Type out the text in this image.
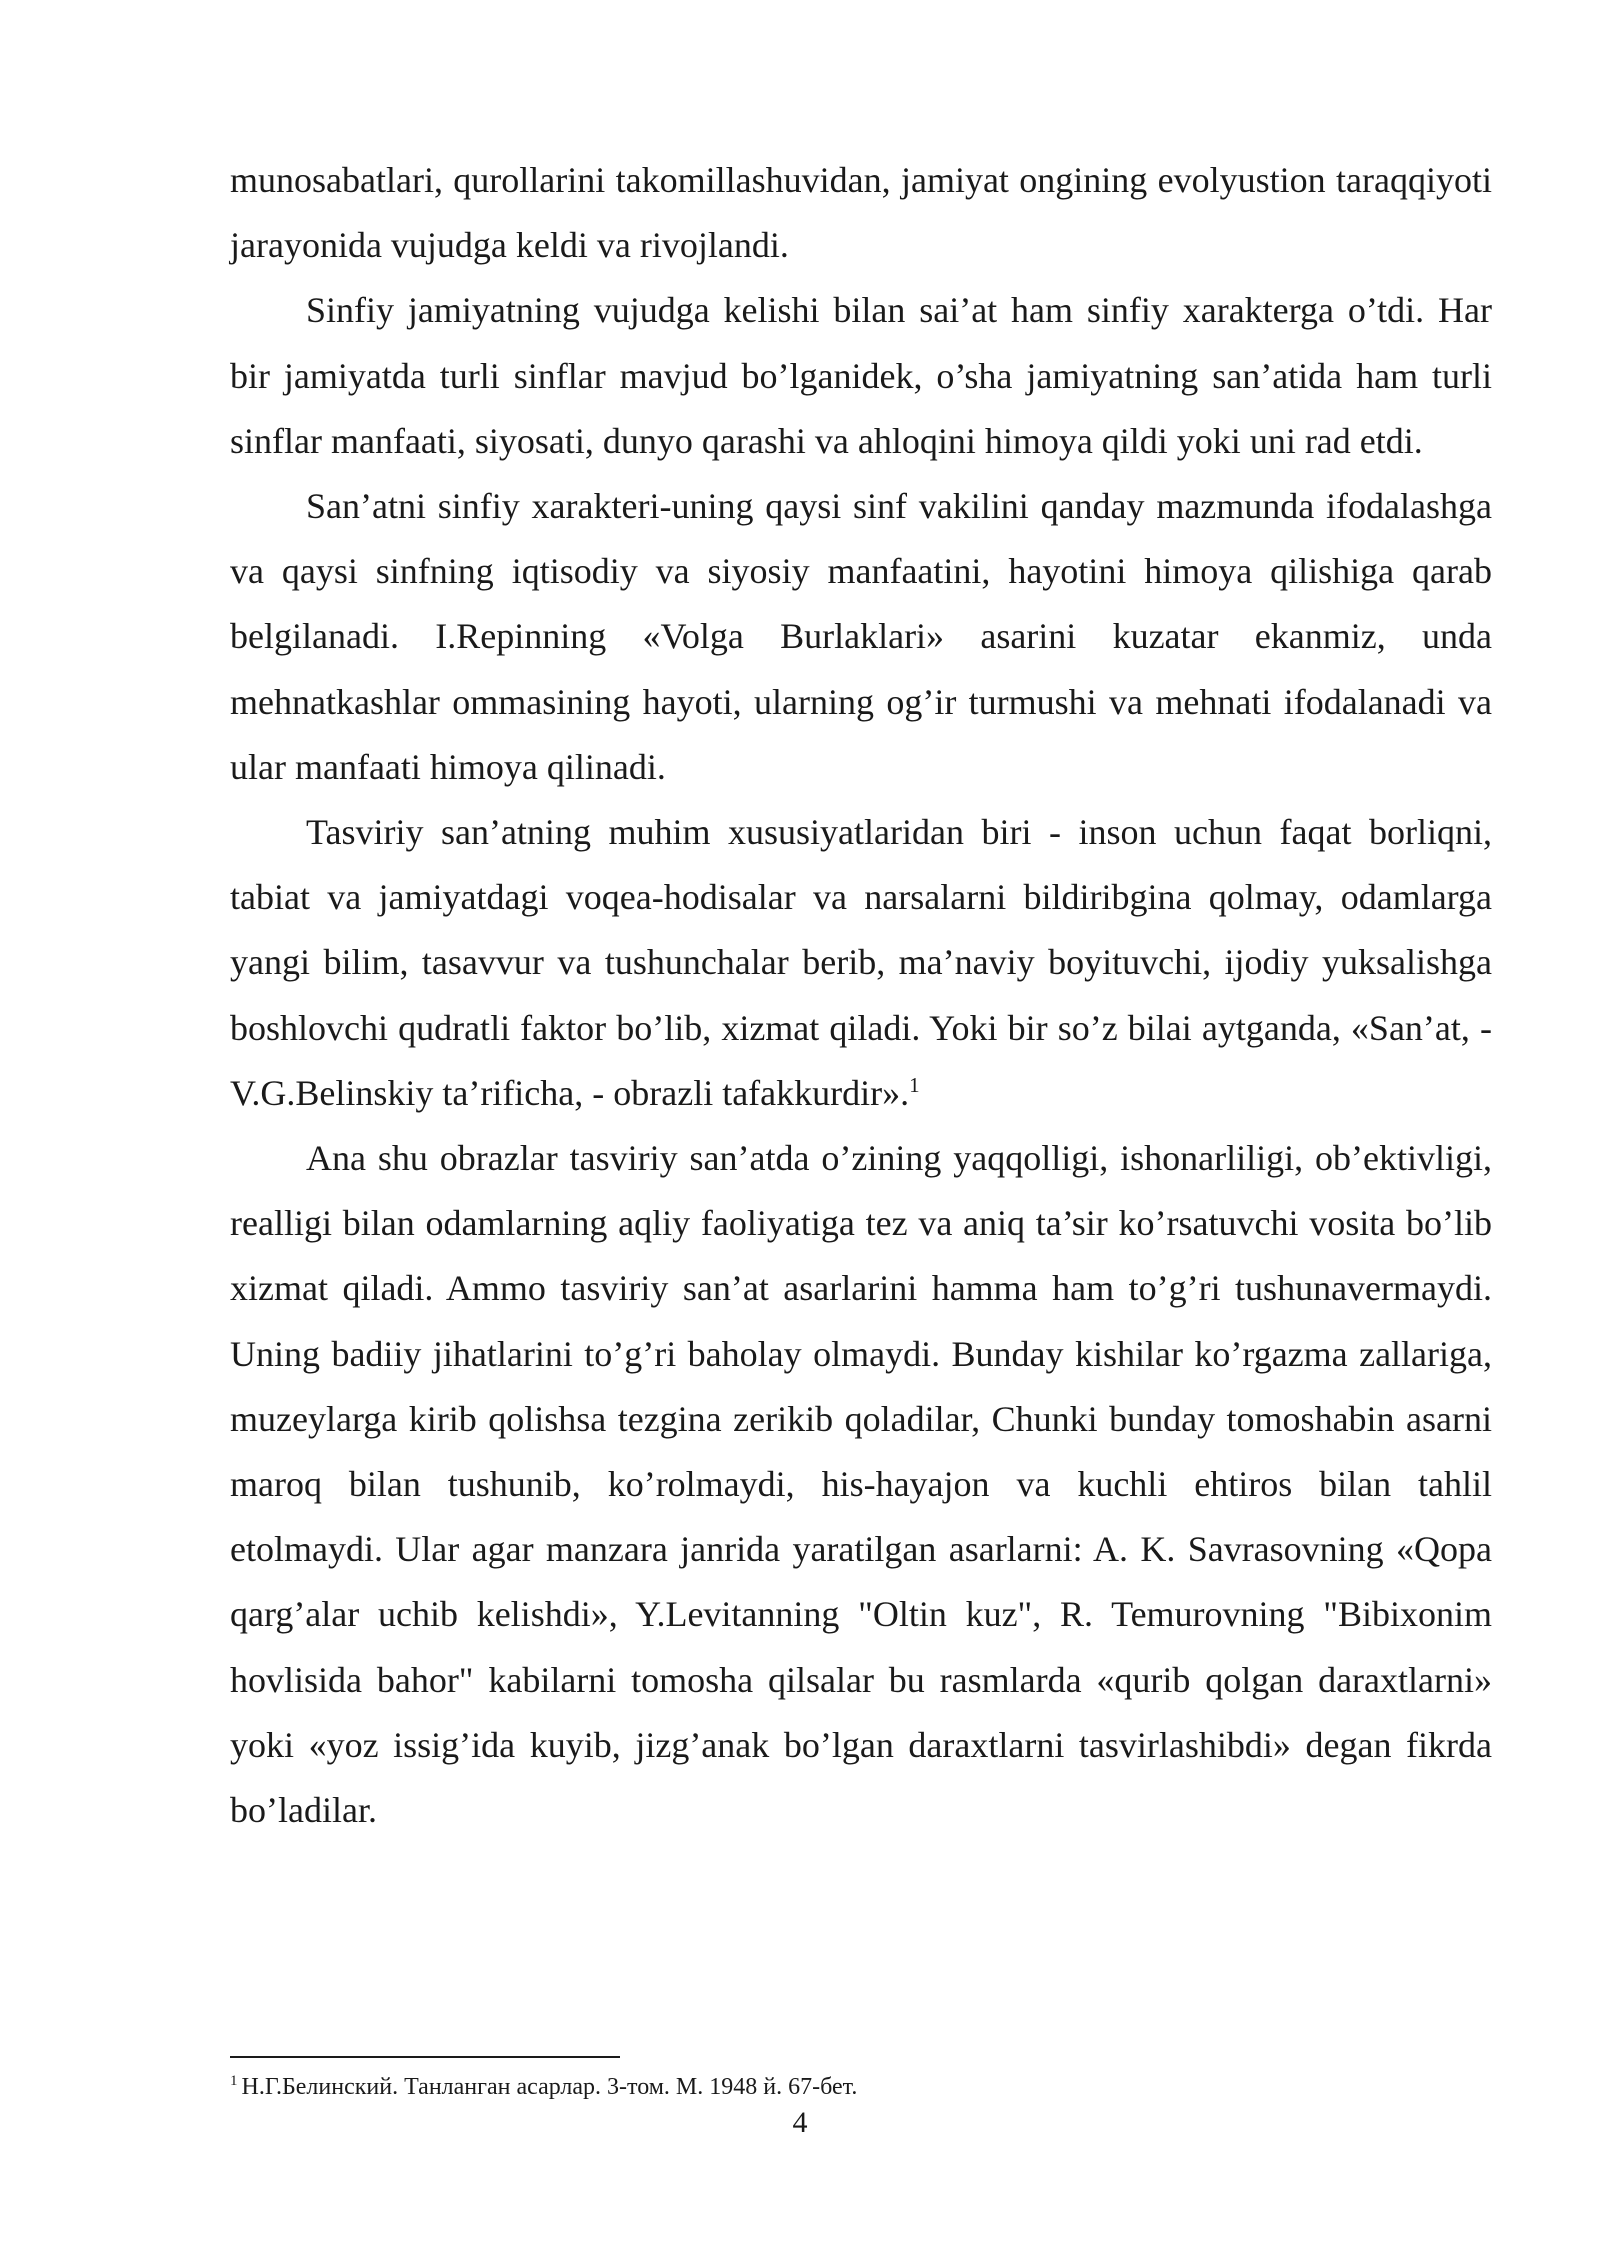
munosabatlari, qurollarini takomillashuvidan, jamiyat ongining evolyustion taraqqiyoti jarayonida vujudga keldi va rivojlandi.

Sinfiy jamiyatning vujudga kelishi bilan sai’at ham sinfiy xarakterga o’tdi. Har bir jamiyatda turli sinflar mavjud bo’lganidek, o’sha jamiyatning san’atida ham turli sinflar manfaati, siyosati, dunyo qarashi va ahloqini himoya qildi yoki uni rad etdi.

San’atni sinfiy xarakteri-uning qaysi sinf vakilini qanday mazmunda ifodalashga va qaysi sinfning iqtisodiy va siyosiy manfaatini, hayotini himoya qilishiga qarab belgilanadi. I.Repinning «Volga Burlaklari» asarini kuzatar ekanmiz, unda mehnatkashlar ommasining hayoti, ularning og’ir turmushi va mehnati ifodalanadi va ular manfaati himoya qilinadi.

Tasviriy san’atning muhim xususiyatlaridan biri - inson uchun faqat borliqni, tabiat va jamiyatdagi voqea-hodisalar va narsalarni bildiribgina qolmay, odamlarga yangi bilim, tasavvur va tushunchalar berib, ma’naviy boyituvchi, ijodiy yuksalishga boshlovchi qudratli faktor bo’lib, xizmat qiladi. Yoki bir so’z bilai aytganda, «San’at, - V.G.Belinskiy ta’rificha, - obrazli tafakkurdir».$^1$

Ana shu obrazlar tasviriy san’atda o’zining yaqqolligi, ishonarliligi, ob’ektivligi, realligi bilan odamlarning aqliy faoliyatiga tez va aniq ta’sir ko’rsatuvchi vosita bo’lib xizmat qiladi. Ammo tasviriy san’at asarlarini hamma ham to’g’ri tushunavermaydi. Uning badiiy jihatlarini to’g’ri baholay olmaydi. Bunday kishilar ko’rgazma zallariga, muzeylarga kirib qolishsa tezgina zerikib qoladilar, Chunki bunday tomoshabin asarni maroq bilan tushunib, ko’rolmaydi, his-hayajon va kuchli ehtiros bilan tahlil etolmaydi. Ular agar manzara janrida yaratilgan asarlarni: A. K. Savrasovning «Qopa qarg’alar uchib kelishdi», Y.Levitanning "Oltin kuz", R. Temurovning "Bibixonim hovlisida bahor" kabilarni tomosha qilsalar bu rasmlarda «qurib qolgan daraxtlarni» yoki «yoz issig’ida kuyib, jizg’anak bo’lgan daraxtlarni tasvirlashibdi» degan fikrda bo’ladilar.

$^1$ Н.Г.Белинский. Танланган асарлар. 3-том. М. 1948 й. 67-бет.
4
